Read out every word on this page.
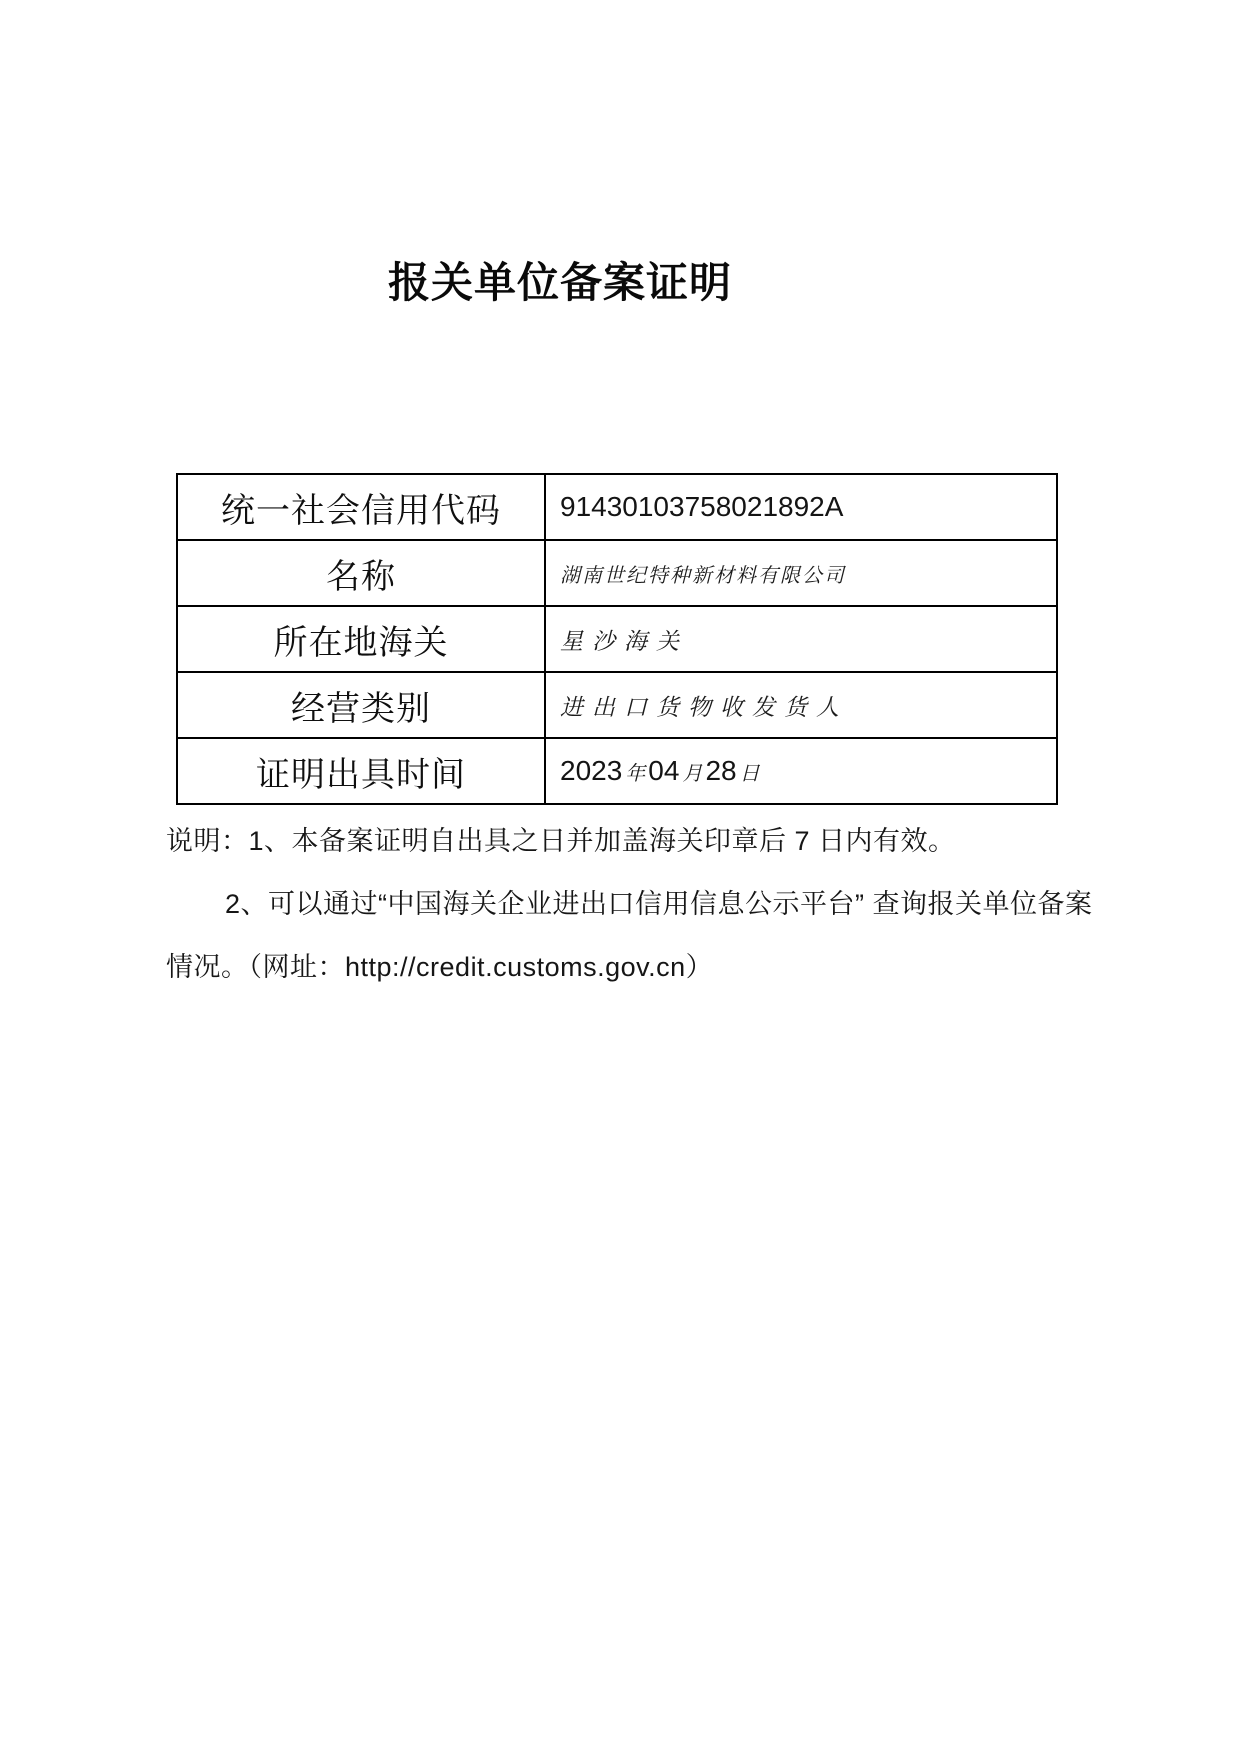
报关单位备案证明
统一社会信用代码	91430103758021892A
名称	湖南世纪特种新材料有限公司
所在地海关	星沙海关
经营类别	进出口货物收发货人
证明出具时间	2023 年 04 月 28 日

说明：1、本备案证明自出具之日并加盖海关印章后 7 日内有效。

2、可以通过“中国海关企业进出口信用信息公示平台” 查询报关单位备案

情况。（网址：http://credit.customs.gov.cn）
